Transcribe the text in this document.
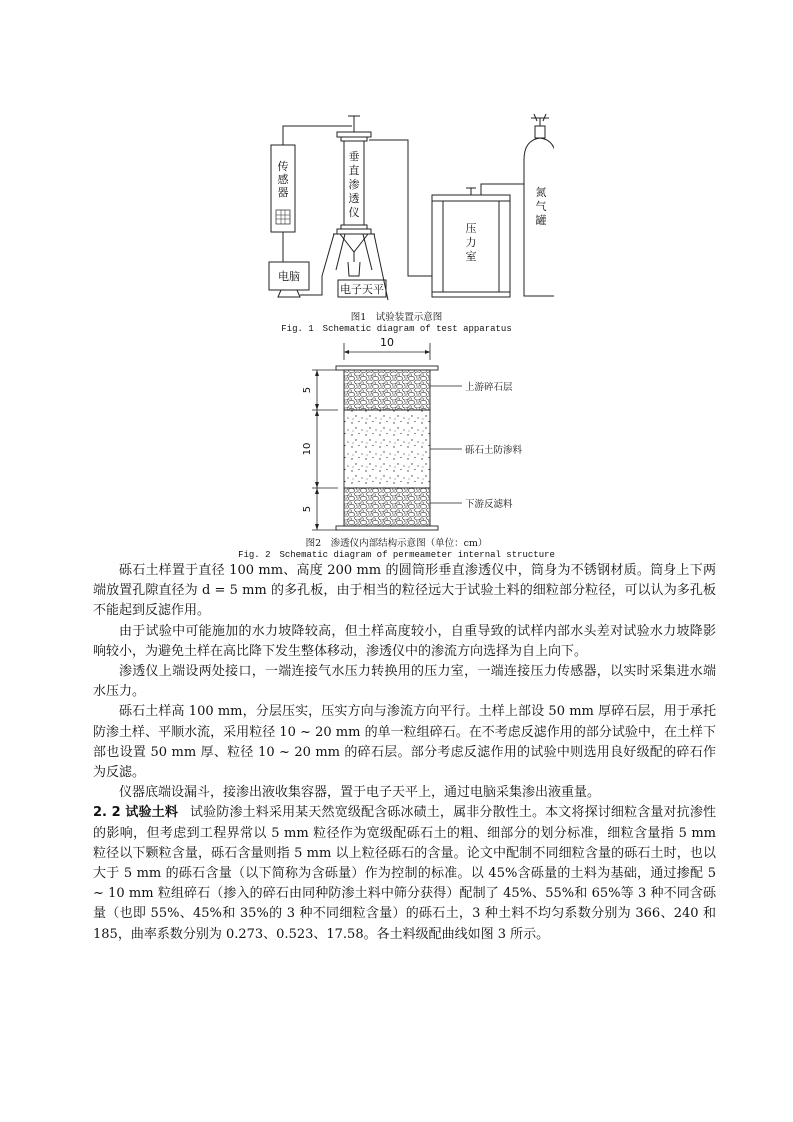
传感器
垂直渗透仪
压力室
氮气罐
电脑
电子天平
图1　试验装置示意图
Fig. 1　Schematic diagram of test apparatus
10
5
10
5
上游碎石层
砾石土防渗料
下游反滤料
图2　渗透仪内部结构示意图（单位：cm）
Fig. 2　Schematic diagram of permeameter internal structure

砾石土样置于直径 100 mm、高度 200 mm 的圆筒形垂直渗透仪中，筒身为不锈钢材质。筒身上下两端放置孔隙直径为 d = 5 mm 的多孔板，由于相当的粒径远大于试验土料的细粒部分粒径，可以认为多孔板不能起到反滤作用。

由于试验中可能施加的水力坡降较高，但土样高度较小，自重导致的试样内部水头差对试验水力坡降影响较小，为避免土样在高比降下发生整体移动，渗透仪中的渗流方向选择为自上向下。

渗透仪上端设两处接口，一端连接气水压力转换用的压力室，一端连接压力传感器，以实时采集进水端水压力。

砾石土样高 100 mm，分层压实，压实方向与渗流方向平行。土样上部设 50 mm 厚碎石层，用于承托防渗土样、平顺水流，采用粒径 10 ~ 20 mm 的单一粒组碎石。在不考虑反滤作用的部分试验中，在土样下部也设置 50 mm 厚、粒径 10 ~ 20 mm 的碎石层。部分考虑反滤作用的试验中则选用良好级配的碎石作为反滤。

仪器底端设漏斗，接渗出液收集容器，置于电子天平上，通过电脑采集渗出液重量。

2. 2 试验土料 试验防渗土料采用某天然宽级配含砾冰碛土，属非分散性土。本文将探讨细粒含量对抗渗性的影响，但考虑到工程界常以 5 mm 粒径作为宽级配砾石土的粗、细部分的划分标准，细粒含量指 5 mm 粒径以下颗粒含量，砾石含量则指 5 mm 以上粒径砾石的含量。论文中配制不同细粒含量的砾石土时，也以大于 5 mm 的砾石含量（以下简称为含砾量）作为控制的标准。以 45%含砾量的土料为基础，通过掺配 5 ~ 10 mm 粒组碎石（掺入的碎石由同种防渗土料中筛分获得）配制了 45%、55%和 65%等 3 种不同含砾量（也即 55%、45%和 35%的 3 种不同细粒含量）的砾石土，3 种土料不均匀系数分别为 366、240 和 185，曲率系数分别为 0.273、0.523、17.58。各土料级配曲线如图 3 所示。
